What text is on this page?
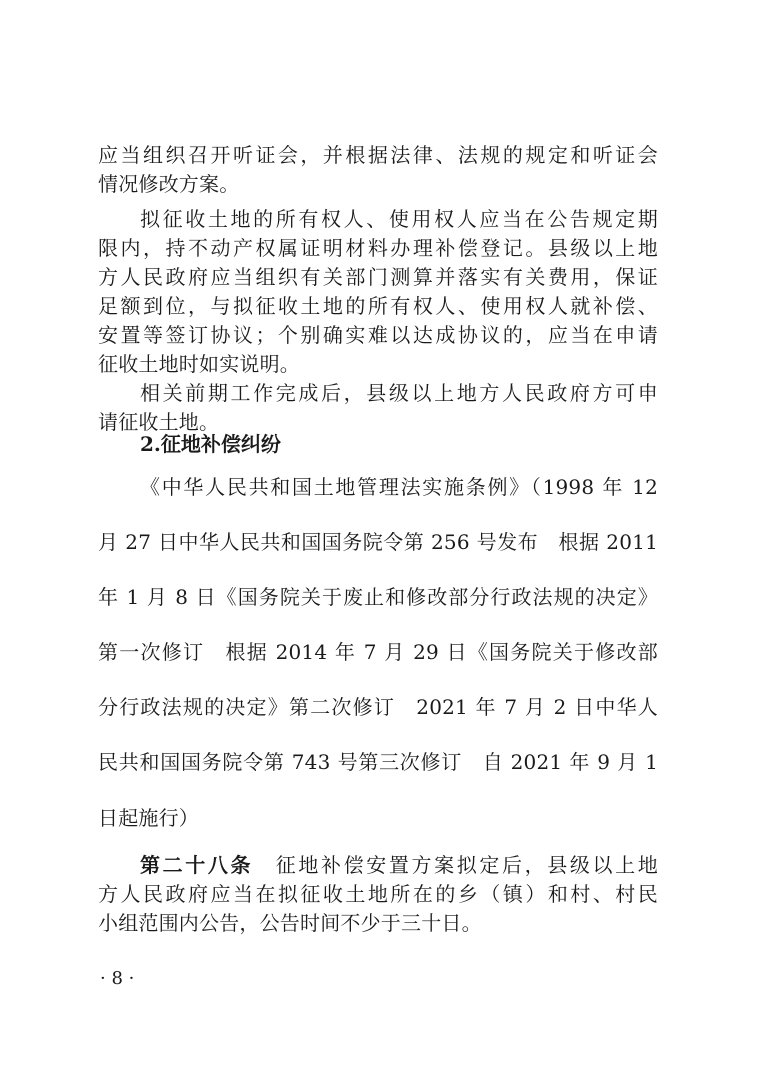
应当组织召开听证会，并根据法律、法规的规定和听证会
情况修改方案。
拟征收土地的所有权人、使用权人应当在公告规定期
限内，持不动产权属证明材料办理补偿登记。县级以上地
方人民政府应当组织有关部门测算并落实有关费用，保证
足额到位，与拟征收土地的所有权人、使用权人就补偿、
安置等签订协议；个别确实难以达成协议的，应当在申请
征收土地时如实说明。
相关前期工作完成后，县级以上地方人民政府方可申
请征收土地。
2.征地补偿纠纷
《中华人民共和国土地管理法实施条例》（1998 年 12
月 27 日中华人民共和国国务院令第 256 号发布　根据 2011
年 1 月 8 日《国务院关于废止和修改部分行政法规的决定》
第一次修订　根据 2014 年 7 月 29 日《国务院关于修改部
分行政法规的决定》第二次修订　2021 年 7 月 2 日中华人
民共和国国务院令第 743 号第三次修订　自 2021 年 9 月 1
日起施行）
第二十八条　 征地补偿安置方案拟定后，县级以上地
方人民政府应当在拟征收土地所在的乡（镇）和村、村民
小组范围内公告，公告时间不少于三十日。
· 8 ·
